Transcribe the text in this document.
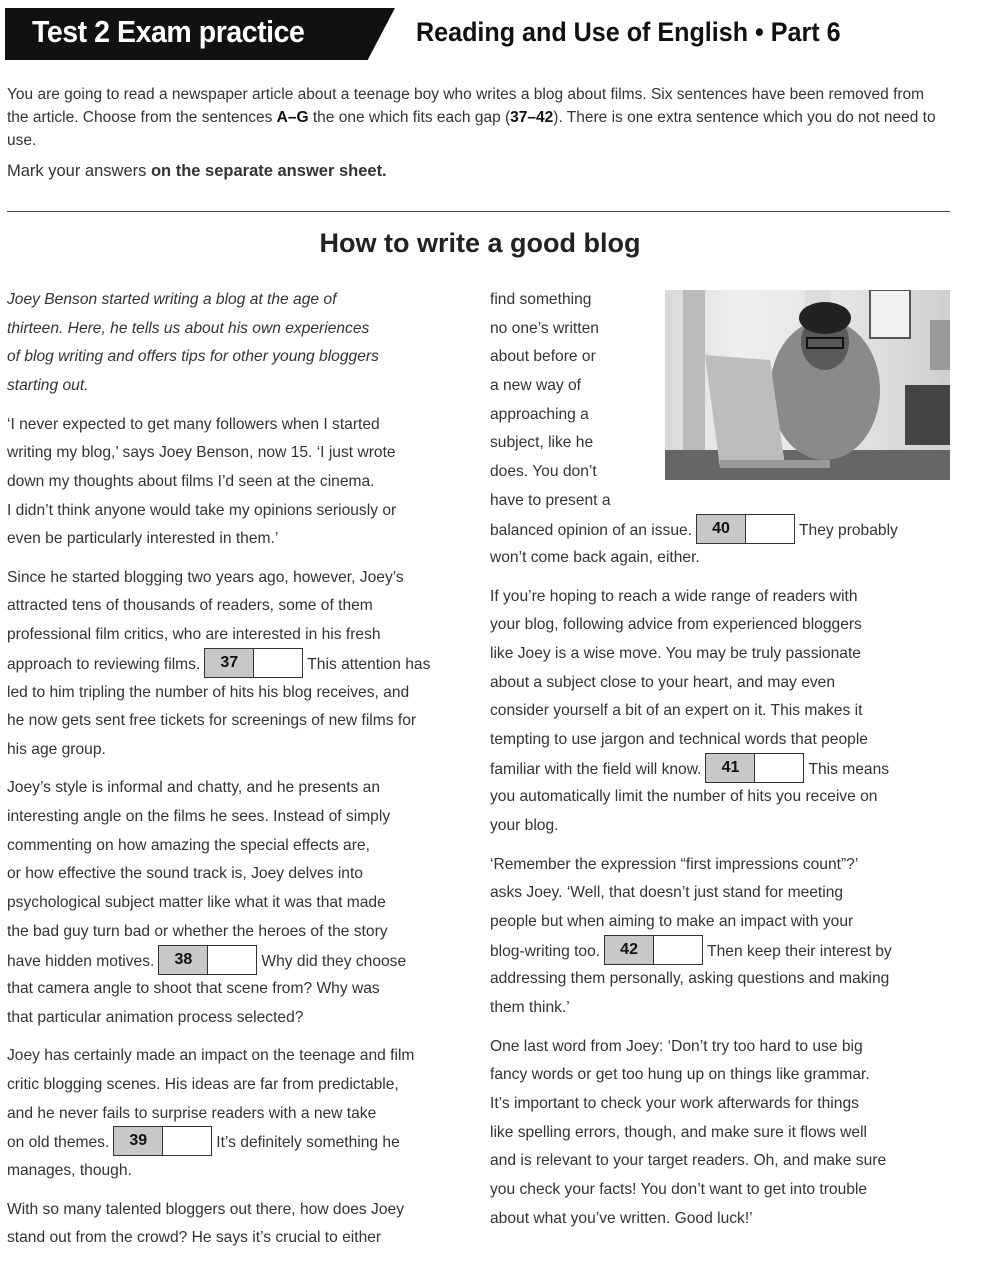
Test 2 Exam practice	Reading and Use of English • Part 6
You are going to read a newspaper article about a teenage boy who writes a blog about films. Six sentences have been removed from the article. Choose from the sentences A–G the one which fits each gap (37–42). There is one extra sentence which you do not need to use.
Mark your answers on the separate answer sheet.
How to write a good blog
Joey Benson started writing a blog at the age of
thirteen. Here, he tells us about his own experiences
of blog writing and offers tips for other young bloggers
starting out.
‘I never expected to get many followers when I started
writing my blog,’ says Joey Benson, now 15. ‘I just wrote
down my thoughts about films I’d seen at the cinema.
I didn’t think anyone would take my opinions seriously or
even be particularly interested in them.’
Since he started blogging two years ago, however, Joey’s
attracted tens of thousands of readers, some of them
professional film critics, who are interested in his fresh
approach to reviewing films.	37	This attention has
led to him tripling the number of hits his blog receives, and
he now gets sent free tickets for screenings of new films for
his age group.
Joey’s style is informal and chatty, and he presents an
interesting angle on the films he sees. Instead of simply
commenting on how amazing the special effects are,
or how effective the sound track is, Joey delves into
psychological subject matter like what it was that made
the bad guy turn bad or whether the heroes of the story
have hidden motives.	38	Why did they choose
that camera angle to shoot that scene from? Why was
that particular animation process selected?
Joey has certainly made an impact on the teenage and film
critic blogging scenes. His ideas are far from predictable,
and he never fails to surprise readers with a new take
on old themes.	39	It’s definitely something he
manages, though.
With so many talented bloggers out there, how does Joey
stand out from the crowd? He says it’s crucial to either
find something
no one’s written
about before or
a new way of
approaching a
subject, like he
does. You don’t
have to present a
balanced opinion of an issue.	40	They probably
won’t come back again, either.
If you’re hoping to reach a wide range of readers with
your blog, following advice from experienced bloggers
like Joey is a wise move. You may be truly passionate
about a subject close to your heart, and may even
consider yourself a bit of an expert on it. This makes it
tempting to use jargon and technical words that people
familiar with the field will know.	41	This means
you automatically limit the number of hits you receive on
your blog.
‘Remember the expression “first impressions count”?’
asks Joey. ‘Well, that doesn’t just stand for meeting
people but when aiming to make an impact with your
blog-writing too.	42	Then keep their interest by
addressing them personally, asking questions and making
them think.’
One last word from Joey: ‘Don’t try too hard to use big
fancy words or get too hung up on things like grammar.
It’s important to check your work afterwards for things
like spelling errors, though, and make sure it flows well
and is relevant to your target readers. Oh, and make sure
you check your facts! You don’t want to get into trouble
about what you’ve written. Good luck!’
